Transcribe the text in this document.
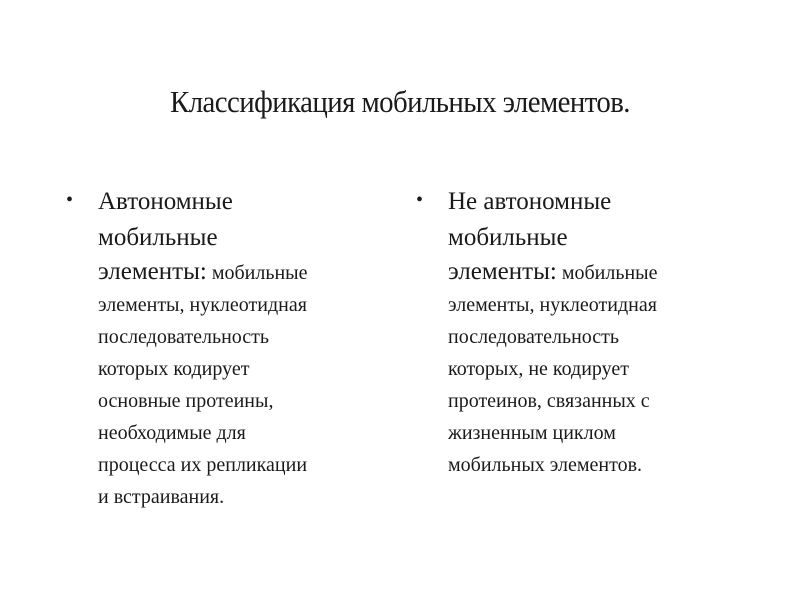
Классификация мобильных элементов.
• Автономные
мобильные
элементы: мобильные
элементы, нуклеотидная
последовательность
которых кодирует
основные протеины,
необходимые для
процесса их репликации
и встраивания.
• Не автономные
мобильные
элементы: мобильные
элементы, нуклеотидная
последовательность
которых, не кодирует
протеинов, связанных с
жизненным циклом
мобильных элементов.
